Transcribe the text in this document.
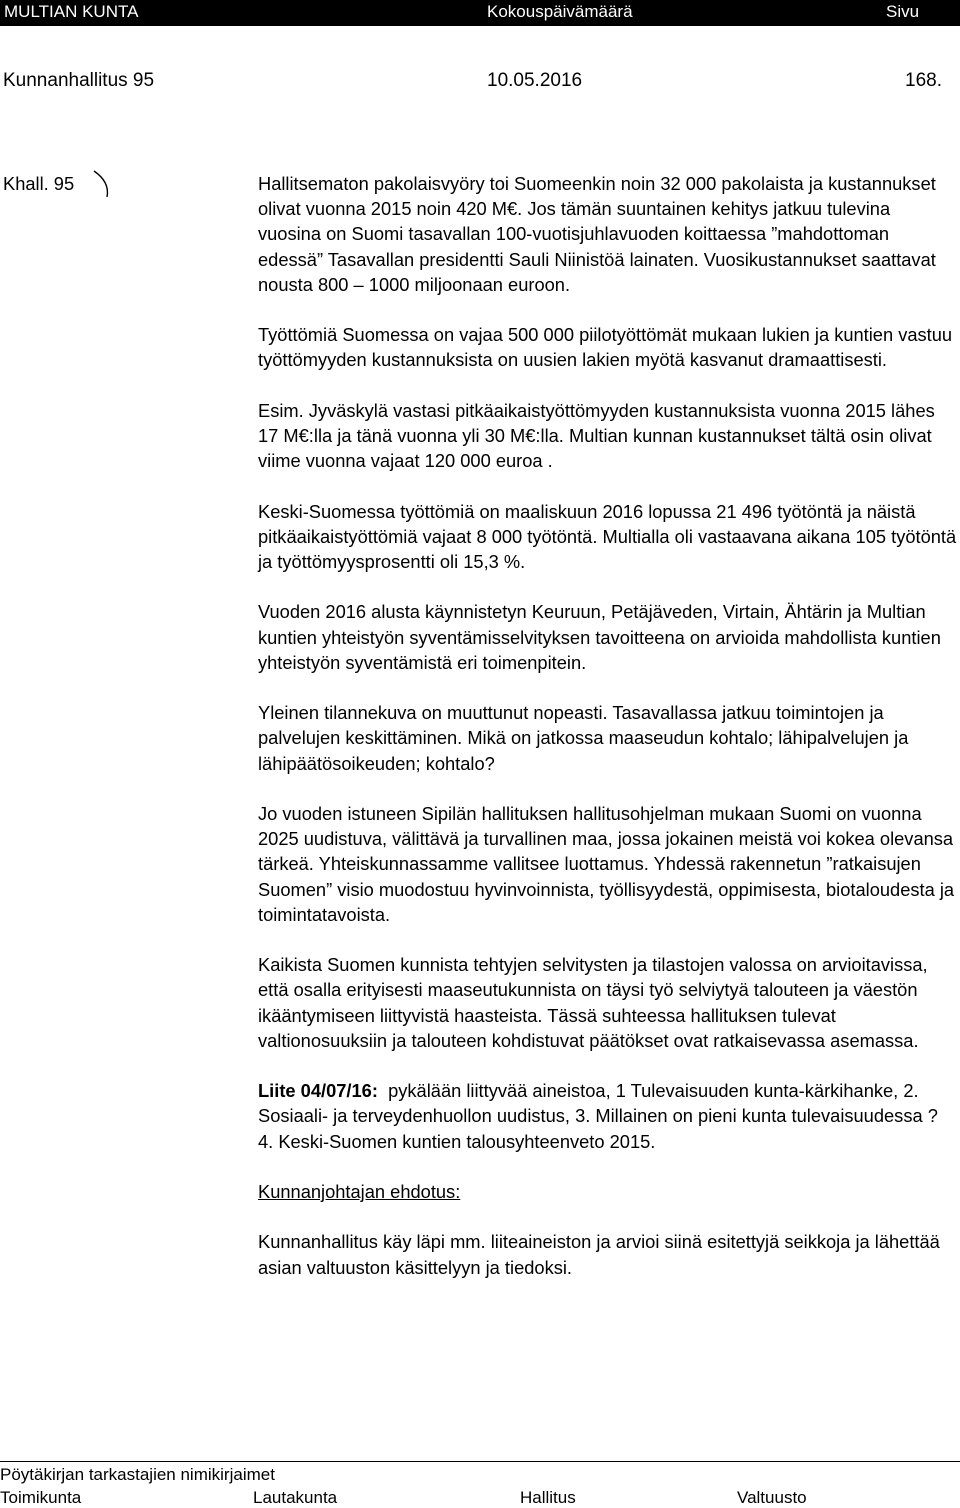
MULTIAN KUNTA	Kokouspäivämäärä	Sivu
Kunnanhallitus 95	10.05.2016	168.
Khall. 95	Hallitsematon pakolaisvyöry toi Suomeenkin noin 32 000 pakolaista ja kustannukset olivat vuonna 2015 noin 420 M€. Jos tämän suuntainen kehitys jatkuu tulevina vuosina on Suomi tasavallan 100-vuotisjuhlavuoden koittaessa ”mahdottoman edessä” Tasavallan presidentti Sauli Niinistöä lainaten. Vuosikustannukset saattavat nousta 800 – 1000 miljoonaan euroon.

Työttömiä Suomessa on vajaa 500 000 piilotyöttömät mukaan lukien ja kuntien vastuu työttömyyden kustannuksista on uusien lakien myötä kasvanut dramaattisesti.

Esim. Jyväskylä vastasi pitkäaikaistyöttömyyden kustannuksista vuonna 2015 lähes 17 M€:lla ja tänä vuonna yli 30 M€:lla. Multian kunnan kustannukset tältä osin olivat viime vuonna vajaat 120 000 euroa .

Keski-Suomessa työttömiä on maaliskuun 2016 lopussa 21 496 työtöntä ja näistä pitkäaikaistyöttömiä vajaat 8 000 työtöntä. Multialla oli vastaavana aikana 105 työtöntä ja työttömyysprosentti oli 15,3 %.

Vuoden 2016 alusta käynnistetyn Keuruun, Petäjäveden, Virtain, Ähtärin ja Multian kuntien yhteistyön syventämisselvityksen tavoitteena on arvioida mahdollista kuntien yhteistyön syventämistä eri toimenpitein.

Yleinen tilannekuva on muuttunut nopeasti. Tasavallassa jatkuu toimintojen ja palvelujen keskittäminen. Mikä on jatkossa maaseudun kohtalo; lähipalvelujen ja lähipäätösoikeuden; kohtalo?

Jo vuoden istuneen Sipilän hallituksen hallitusohjelman mukaan Suomi on vuonna 2025 uudistuva, välittävä ja turvallinen maa, jossa jokainen meistä voi kokea olevansa tärkeä. Yhteiskunnassamme vallitsee luottamus. Yhdessä rakennetun ”ratkaisujen Suomen” visio muodostuu hyvinvoinnista, työllisyydestä, oppimisesta, biotaloudesta ja toimintatavoista.

Kaikista Suomen kunnista tehtyjen selvitysten ja tilastojen valossa on arvioitavissa, että osalla erityisesti maaseutukunnista on täysi työ selviytyä talouteen ja väestön ikääntymiseen liittyvistä haasteista. Tässä suhteessa hallituksen tulevat valtionosuuksiin ja talouteen kohdistuvat päätökset ovat ratkaisevassa asemassa.

Liite 04/07/16: pykälään liittyvää aineistoa, 1 Tulevaisuuden kunta-kärkihanke, 2. Sosiaali- ja terveydenhuollon uudistus, 3. Millainen on pieni kunta tulevaisuudessa ? 4. Keski-Suomen kuntien talousyhteenveto 2015.

Kunnanjohtajan ehdotus:

Kunnanhallitus käy läpi mm. liiteaineiston ja arvioi siinä esitettyjä seikkoja ja lähettää asian valtuuston käsittelyyn ja tiedoksi.

Pöytäkirjan tarkastajien nimikirjaimet
Toimikunta	Lautakunta	Hallitus	Valtuusto
